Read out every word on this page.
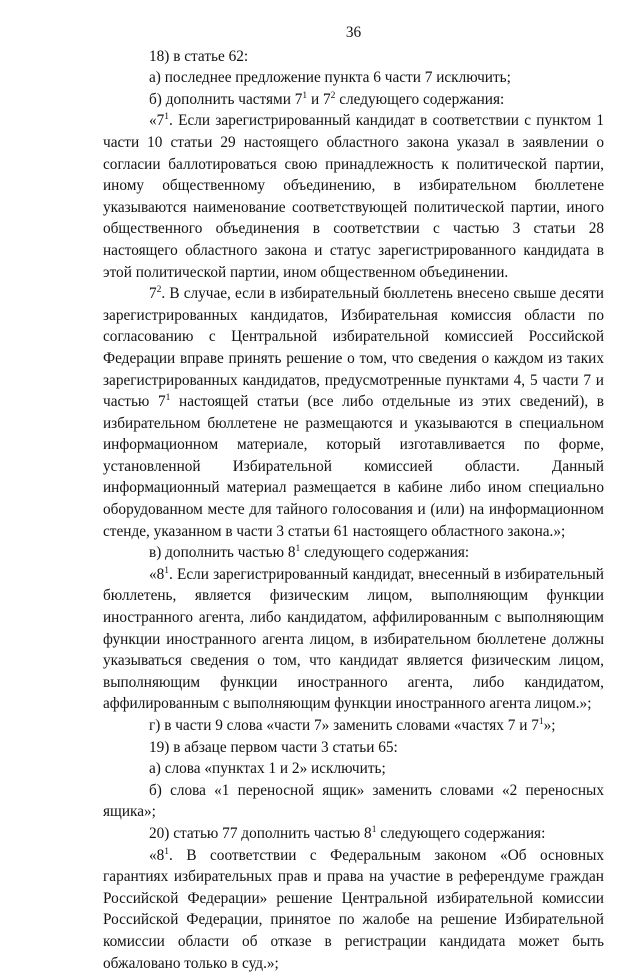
36

18) в статье 62:

а) последнее предложение пункта 6 части 7 исключить;

б) дополнить частями $7^1$ и $7^2$ следующего содержания:

«$7^1$. Если зарегистрированный кандидат в соответствии с пунктом 1 части 10 статьи 29 настоящего областного закона указал в заявлении о согласии баллотироваться свою принадлежность к политической партии, иному общественному объединению, в избирательном бюллетене указываются наименование соответствующей политической партии, иного общественного объединения в соответствии с частью 3 статьи 28 настоящего областного закона и статус зарегистрированного кандидата в этой политической партии, ином общественном объединении.

$7^2$. В случае, если в избирательный бюллетень внесено свыше десяти зарегистрированных кандидатов, Избирательная комиссия области по согласованию с Центральной избирательной комиссией Российской Федерации вправе принять решение о том, что сведения о каждом из таких зарегистрированных кандидатов, предусмотренные пунктами 4, 5 части 7 и частью $7^1$ настоящей статьи (все либо отдельные из этих сведений), в избирательном бюллетене не размещаются и указываются в специальном информационном материале, который изготавливается по форме, установленной Избирательной комиссией области. Данный информационный материал размещается в кабине либо ином специально оборудованном месте для тайного голосования и (или) на информационном стенде, указанном в части 3 статьи 61 настоящего областного закона.»;

в) дополнить частью $8^1$ следующего содержания:

«$8^1$. Если зарегистрированный кандидат, внесенный в избирательный бюллетень, является физическим лицом, выполняющим функции иностранного агента, либо кандидатом, аффилированным с выполняющим функции иностранного агента лицом, в избирательном бюллетене должны указываться сведения о том, что кандидат является физическим лицом, выполняющим функции иностранного агента, либо кандидатом, аффилированным с выполняющим функции иностранного агента лицом.»;

г) в части 9 слова «части 7» заменить словами «частях 7 и $7^1$»;

19) в абзаце первом части 3 статьи 65:

а) слова «пунктах 1 и 2» исключить;

б) слова «1 переносной ящик» заменить словами «2 переносных ящика»;

20) статью 77 дополнить частью $8^1$ следующего содержания:

«$8^1$. В соответствии с Федеральным законом «Об основных гарантиях избирательных прав и права на участие в референдуме граждан Российской Федерации» решение Центральной избирательной комиссии Российской Федерации, принятое по жалобе на решение Избирательной комиссии области об отказе в регистрации кандидата может быть обжаловано только в суд.»;
